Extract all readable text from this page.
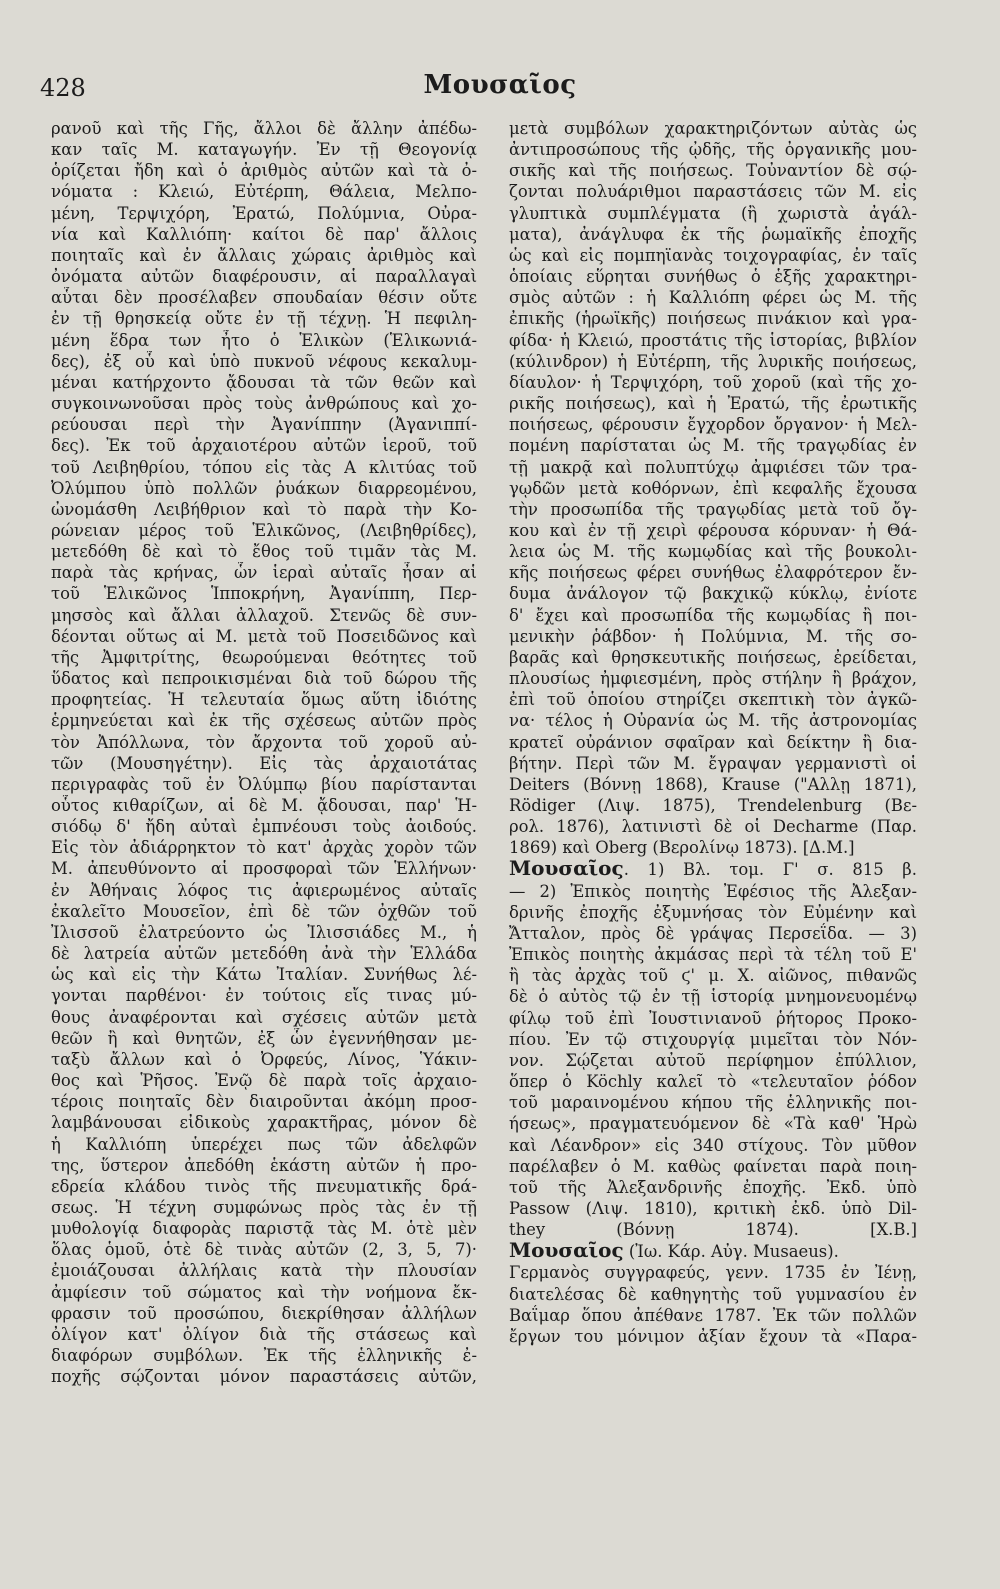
428	Μουσαῖος
ρανοῦ καὶ τῆς Γῆς, ἄλλοι δὲ ἄλλην ἀπέδω-
καν ταῖς Μ. καταγωγήν. Ἐν τῇ Θεογονίᾳ
ὁρίζεται ἤδη καὶ ὁ ἀριθμὸς αὐτῶν καὶ τὰ ὀ-
νόματα : Κλειώ, Εὐτέρπη, Θάλεια, Μελπο-
μένη, Τερψιχόρη, Ἐρατώ, Πολύμνια, Οὐρα-
νία καὶ Καλλιόπη· καίτοι δὲ παρ' ἄλλοις
ποιηταῖς καὶ ἐν ἄλλαις χώραις ἀριθμὸς καὶ
ὀνόματα αὐτῶν διαφέρουσιν, αἱ παραλλαγαὶ
αὗται δὲν προσέλαβεν σπουδαίαν θέσιν οὔτε
ἐν τῇ θρησκείᾳ οὔτε ἐν τῇ τέχνῃ. Ἡ πεφιλη-
μένη ἕδρα των ἦτο ὁ Ἑλικὼν (Ἑλικωνιά-
δες), ἐξ οὗ καὶ ὑπὸ πυκνοῦ νέφους κεκαλυμ-
μέναι κατήρχοντο ᾄδουσαι τὰ τῶν θεῶν καὶ
συγκοινωνοῦσαι πρὸς τοὺς ἀνθρώπους καὶ χο-
ρεύουσαι περὶ τὴν Ἀγανίππην (Ἀγανιππί-
δες). Ἐκ τοῦ ἀρχαιοτέρου αὐτῶν ἱεροῦ, τοῦ
τοῦ Λειβηθρίου, τόπου εἰς τὰς Α κλιτύας τοῦ
Ὀλύμπου ὑπὸ πολλῶν ῥυάκων διαρρεομένου,
ὠνομάσθη Λειβήθριον καὶ τὸ παρὰ τὴν Κο-
ρώνειαν μέρος τοῦ Ἑλικῶνος, (Λειβηθρίδες),
μετεδόθη δὲ καὶ τὸ ἔθος τοῦ τιμᾶν τὰς Μ.
παρὰ τὰς κρήνας, ὧν ἱεραὶ αὐταῖς ἦσαν αἱ
τοῦ Ἑλικῶνος Ἱπποκρήνη, Ἀγανίππη, Περ-
μησσὸς καὶ ἄλλαι ἀλλαχοῦ. Στενῶς δὲ συν-
δέονται οὕτως αἱ Μ. μετὰ τοῦ Ποσειδῶνος καὶ
τῆς Ἀμφιτρίτης, θεωρούμεναι θεότητες τοῦ
ὕδατος καὶ πεπροικισμέναι διὰ τοῦ δώρου τῆς
προφητείας. Ἡ τελευταία ὅμως αὕτη ἰδιότης
ἑρμηνεύεται καὶ ἐκ τῆς σχέσεως αὐτῶν πρὸς
τὸν Ἀπόλλωνα, τὸν ἄρχοντα τοῦ χοροῦ αὐ-
τῶν (Μουσηγέτην). Εἰς τὰς ἀρχαιοτάτας
περιγραφὰς τοῦ ἐν Ὀλύμπῳ βίου παρίστανται
οὗτος κιθαρίζων, αἱ δὲ Μ. ᾄδουσαι, παρ' Ἡ-
σιόδῳ δ' ἤδη αὐταὶ ἐμπνέουσι τοὺς ἀοιδούς.
Εἰς τὸν ἀδιάρρηκτον τὸ κατ' ἀρχὰς χορὸν τῶν
Μ. ἀπευθύνοντο αἱ προσφοραὶ τῶν Ἑλλήνων·
ἐν Ἀθήναις λόφος τις ἀφιερωμένος αὐταῖς
ἐκαλεῖτο Μουσεῖον, ἐπὶ δὲ τῶν ὀχθῶν τοῦ
Ἰλισσοῦ ἐλατρεύοντο ὡς Ἰλισσιάδες Μ., ἡ
δὲ λατρεία αὐτῶν μετεδόθη ἀνὰ τὴν Ἑλλάδα
ὡς καὶ εἰς τὴν Κάτω Ἰταλίαν. Συνήθως λέ-
γονται παρθένοι· ἐν τούτοις εἴς τινας μύ-
θους ἀναφέρονται καὶ σχέσεις αὐτῶν μετὰ
θεῶν ἢ καὶ θνητῶν, ἐξ ὧν ἐγεννήθησαν με-
ταξὺ ἄλλων καὶ ὁ Ὀρφεύς, Λίνος, Ὑάκιν-
θος καὶ Ῥῆσος. Ἐνῷ δὲ παρὰ τοῖς ἀρχαιο-
τέροις ποιηταῖς δὲν διαιροῦνται ἀκόμη προσ-
λαμβάνουσαι εἰδικοὺς χαρακτῆρας, μόνον δὲ
ἡ Καλλιόπη ὑπερέχει πως τῶν ἀδελφῶν
της, ὕστερον ἀπεδόθη ἑκάστη αὐτῶν ἡ προ-
εδρεία κλάδου τινὸς τῆς πνευματικῆς δρά-
σεως. Ἡ τέχνη συμφώνως πρὸς τὰς ἐν τῇ
μυθολογίᾳ διαφορὰς παριστᾷ τὰς Μ. ὁτὲ μὲν
ὅλας ὁμοῦ, ὁτὲ δὲ τινὰς αὐτῶν (2, 3, 5, 7)·
ἐμοιάζουσαι ἀλλήλαις κατὰ τὴν πλουσίαν
ἀμφίεσιν τοῦ σώματος καὶ τὴν νοήμονα ἔκ-
φρασιν τοῦ προσώπου, διεκρίθησαν ἀλλήλων
ὀλίγον κατ' ὀλίγον διὰ τῆς στάσεως καὶ
διαφόρων συμβόλων. Ἐκ τῆς ἑλληνικῆς ἐ-
ποχῆς σῴζονται μόνον παραστάσεις αὐτῶν,
μετὰ συμβόλων χαρακτηριζόντων αὐτὰς ὡς
ἀντιπροσώπους τῆς ᾠδῆς, τῆς ὀργανικῆς μου-
σικῆς καὶ τῆς ποιήσεως. Τοὐναντίον δὲ σῴ-
ζονται πολυάριθμοι παραστάσεις τῶν Μ. εἰς
γλυπτικὰ συμπλέγματα (ἢ χωριστὰ ἀγάλ-
ματα), ἀνάγλυφα ἐκ τῆς ῥωμαϊκῆς ἐποχῆς
ὡς καὶ εἰς πομπηϊανὰς τοιχογραφίας, ἐν ταῖς
ὁποίαις εὕρηται συνήθως ὁ ἑξῆς χαρακτηρι-
σμὸς αὐτῶν : ἡ Καλλιόπη φέρει ὡς Μ. τῆς
ἐπικῆς (ἡρωϊκῆς) ποιήσεως πινάκιον καὶ γρα-
φίδα· ἡ Κλειώ, προστάτις τῆς ἱστορίας, βιβλίον
(κύλινδρον) ἡ Εὐτέρπη, τῆς λυρικῆς ποιήσεως,
δίαυλον· ἡ Τερψιχόρη, τοῦ χοροῦ (καὶ τῆς χο-
ρικῆς ποιήσεως), καὶ ἡ Ἐρατώ, τῆς ἐρωτικῆς
ποιήσεως, φέρουσιν ἔγχορδον ὄργανον· ἡ Μελ-
πομένη παρίσταται ὡς Μ. τῆς τραγῳδίας ἐν
τῇ μακρᾷ καὶ πολυπτύχῳ ἀμφιέσει τῶν τρα-
γῳδῶν μετὰ κοθόρνων, ἐπὶ κεφαλῆς ἔχουσα
τὴν προσωπίδα τῆς τραγῳδίας μετὰ τοῦ ὄγ-
κου καὶ ἐν τῇ χειρὶ φέρουσα κόρυναν· ἡ Θά-
λεια ὡς Μ. τῆς κωμῳδίας καὶ τῆς βουκολι-
κῆς ποιήσεως φέρει συνήθως ἐλαφρότερον ἔν-
δυμα ἀνάλογον τῷ βακχικῷ κύκλῳ, ἐνίοτε
δ' ἔχει καὶ προσωπίδα τῆς κωμῳδίας ἢ ποι-
μενικὴν ῥάβδον· ἡ Πολύμνια, Μ. τῆς σο-
βαρᾶς καὶ θρησκευτικῆς ποιήσεως, ἐρείδεται,
πλουσίως ἠμφιεσμένη, πρὸς στήλην ἢ βράχον,
ἐπὶ τοῦ ὁποίου στηρίζει σκεπτικὴ τὸν ἀγκῶ-
να· τέλος ἡ Οὐρανία ὡς Μ. τῆς ἀστρονομίας
κρατεῖ οὐράνιον σφαῖραν καὶ δείκτην ἢ δια-
βήτην. Περὶ τῶν Μ. ἔγραψαν γερμανιστὶ οἱ
Deiters (Βόννῃ 1868), Krause ("Αλλῃ 1871),
Rödiger (Λιψ. 1875), Trendelenburg (Βε-
ρολ. 1876), λατινιστὶ δὲ οἱ Decharme (Παρ.
1869) καὶ Oberg (Βερολίνῳ 1873). [Δ.Μ.]
Μουσαῖος. 1) Βλ. τομ. Γ' σ. 815 β.
— 2) Ἐπικὸς ποιητὴς Ἐφέσιος τῆς Ἀλεξαν-
δρινῆς ἐποχῆς ἐξυμνήσας τὸν Εὐμένην καὶ
Ἄτταλον, πρὸς δὲ γράψας Περσεΐδα. — 3)
Ἐπικὸς ποιητὴς ἀκμάσας περὶ τὰ τέλη τοῦ Ε'
ἢ τὰς ἀρχὰς τοῦ ϛ' μ. Χ. αἰῶνος, πιθανῶς
δὲ ὁ αὐτὸς τῷ ἐν τῇ ἱστορίᾳ μνημονευομένῳ
φίλῳ τοῦ ἐπὶ Ἰουστινιανοῦ ῥήτορος Προκο-
πίου. Ἐν τῷ στιχουργίᾳ μιμεῖται τὸν Νόν-
νον. Σῴζεται αὐτοῦ περίφημον ἐπύλλιον,
ὅπερ ὁ Köchly καλεῖ τὸ «τελευταῖον ῥόδον
τοῦ μαραινομένου κήπου τῆς ἑλληνικῆς ποι-
ήσεως», πραγματευόμενον δὲ «Τὰ καθ' Ἡρὼ
καὶ Λέανδρον» εἰς 340 στίχους. Τὸν μῦθον
παρέλαβεν ὁ Μ. καθὼς φαίνεται παρὰ ποιη-
τοῦ τῆς Ἀλεξανδρινῆς ἐποχῆς. Ἐκδ. ὑπὸ
Passow (Λιψ. 1810), κριτικὴ ἐκδ. ὑπὸ Dil-
they (Βόννῃ 1874). [Χ.Β.]
Μουσαῖος (Ἰω. Κάρ. Αὐγ. Musaeus).
Γερμανὸς συγγραφεύς, γενν. 1735 ἐν Ἰένῃ,
διατελέσας δὲ καθηγητὴς τοῦ γυμνασίου ἐν
Βαΐμαρ ὅπου ἀπέθανε 1787. Ἐκ τῶν πολλῶν
ἔργων του μόνιμον ἀξίαν ἔχουν τὰ «Παρα-
